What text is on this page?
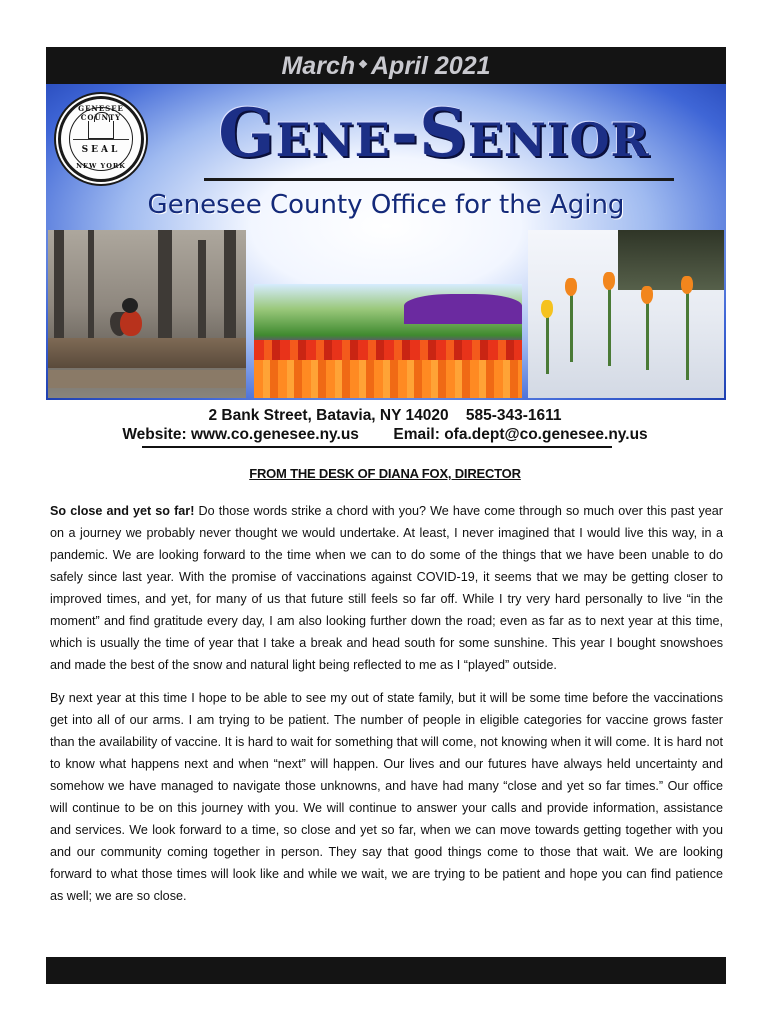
March ❖ April 2021
GENESEE COUNTY
SEAL
NEW YORK	Gene-Senior
Genesee County Office for the Aging
2 Bank Street, Batavia, NY 14020 585-343-1611
Website: www.co.genesee.ny.us Email: ofa.dept@co.genesee.ny.us
FROM THE DESK OF DIANA FOX, DIRECTOR

So close and yet so far! Do those words strike a chord with you? We have come through so much over this past year on a journey we probably never thought we would undertake. At least, I never imagined that I would live this way, in a pandemic. We are looking forward to the time when we can to do some of the things that we have been unable to do safely since last year. With the promise of vaccinations against COVID-19, it seems that we may be getting closer to improved times, and yet, for many of us that future still feels so far off. While I try very hard personally to live “in the moment” and find gratitude every day, I am also looking further down the road; even as far as to next year at this time, which is usually the time of year that I take a break and head south for some sunshine. This year I bought snowshoes and made the best of the snow and natural light being reflected to me as I “played” outside.

By next year at this time I hope to be able to see my out of state family, but it will be some time before the vaccinations get into all of our arms. I am trying to be patient. The number of people in eligible categories for vaccine grows faster than the availability of vaccine. It is hard to wait for something that will come, not knowing when it will come. It is hard not to know what happens next and when “next” will happen. Our lives and our futures have always held uncertainty and somehow we have managed to navigate those unknowns, and have had many “close and yet so far times.” Our office will continue to be on this journey with you. We will continue to answer your calls and provide information, assistance and services. We look forward to a time, so close and yet so far, when we can move towards getting together with you and our community coming together in person. They say that good things come to those that wait. We are looking forward to what those times will look like and while we wait, we are trying to be patient and hope you can find patience as well; we are so close.
